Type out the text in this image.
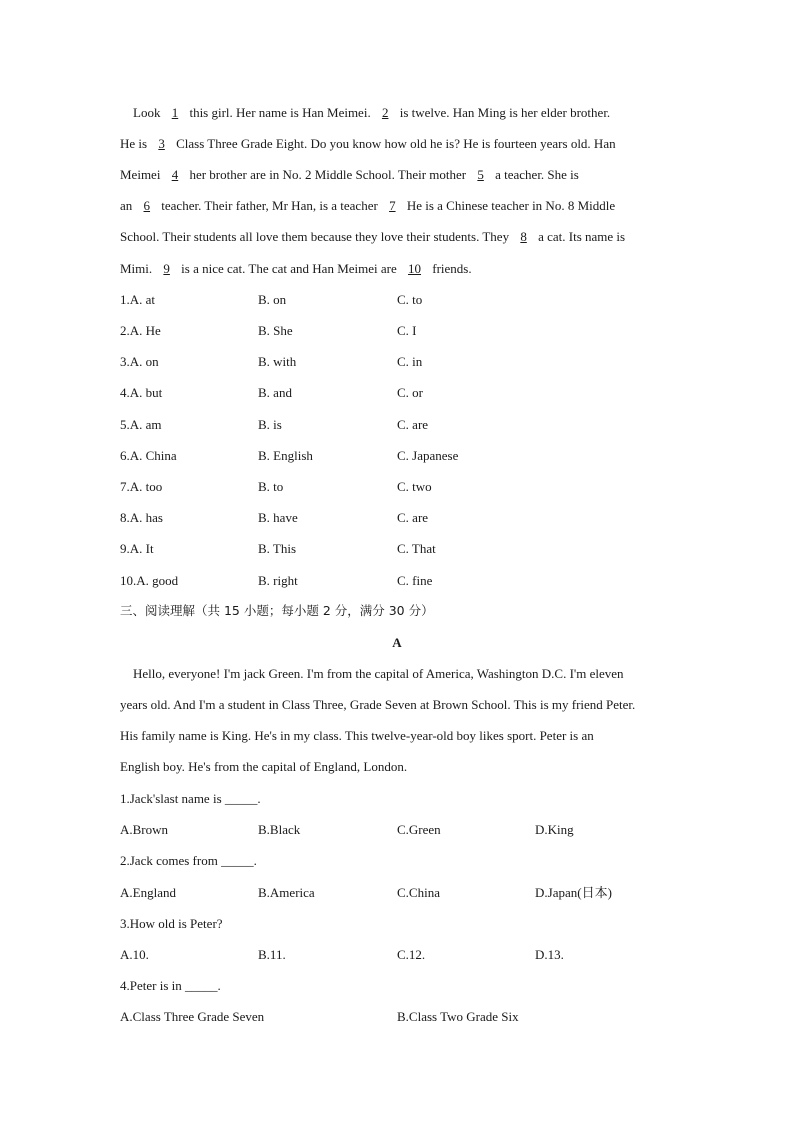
Look 1 this girl. Her name is Han Meimei. 2 is twelve. Han Ming is her elder brother.
He is 3 Class Three Grade Eight. Do you know how old he is? He is fourteen years old. Han
Meimei 4 her brother are in No. 2 Middle School. Their mother 5 a teacher. She is
an 6 teacher. Their father, Mr Han, is a teacher 7 He is a Chinese teacher in No. 8 Middle
School. Their students all love them because they love their students. They 8 a cat. Its name is
Mimi. 9 is a nice cat. The cat and Han Meimei are 10 friends.
1.A. at	B. on	C. to
2.A. He	B. She	C. I
3.A. on	B. with	C. in
4.A. but	B. and	C. or
5.A. am	B. is	C. are
6.A. China	B. English	C. Japanese
7.A. too	B. to	C. two
8.A. has	B. have	C. are
9.A. It	B. This	C. That
10.A. good	B. right	C. fine
三、阅读理解（共 15 小题；每小题 2 分，满分 30 分）
A
Hello, everyone! I'm jack Green. I'm from the capital of America, Washington D.C. I'm eleven
years old. And I'm a student in Class Three, Grade Seven at Brown School. This is my friend Peter.
His family name is King. He's in my class. This twelve-year-old boy likes sport. Peter is an
English boy. He's from the capital of England, London.
1.Jack'slast name is _____.
A.Brown	B.Black	C.Green	D.King
2.Jack comes from _____.
A.England	B.America	C.China	D.Japan(日本)
3.How old is Peter?
A.10.	B.11.	C.12.	D.13.
4.Peter is in _____.
A.Class Three Grade Seven	B.Class Two Grade Six
